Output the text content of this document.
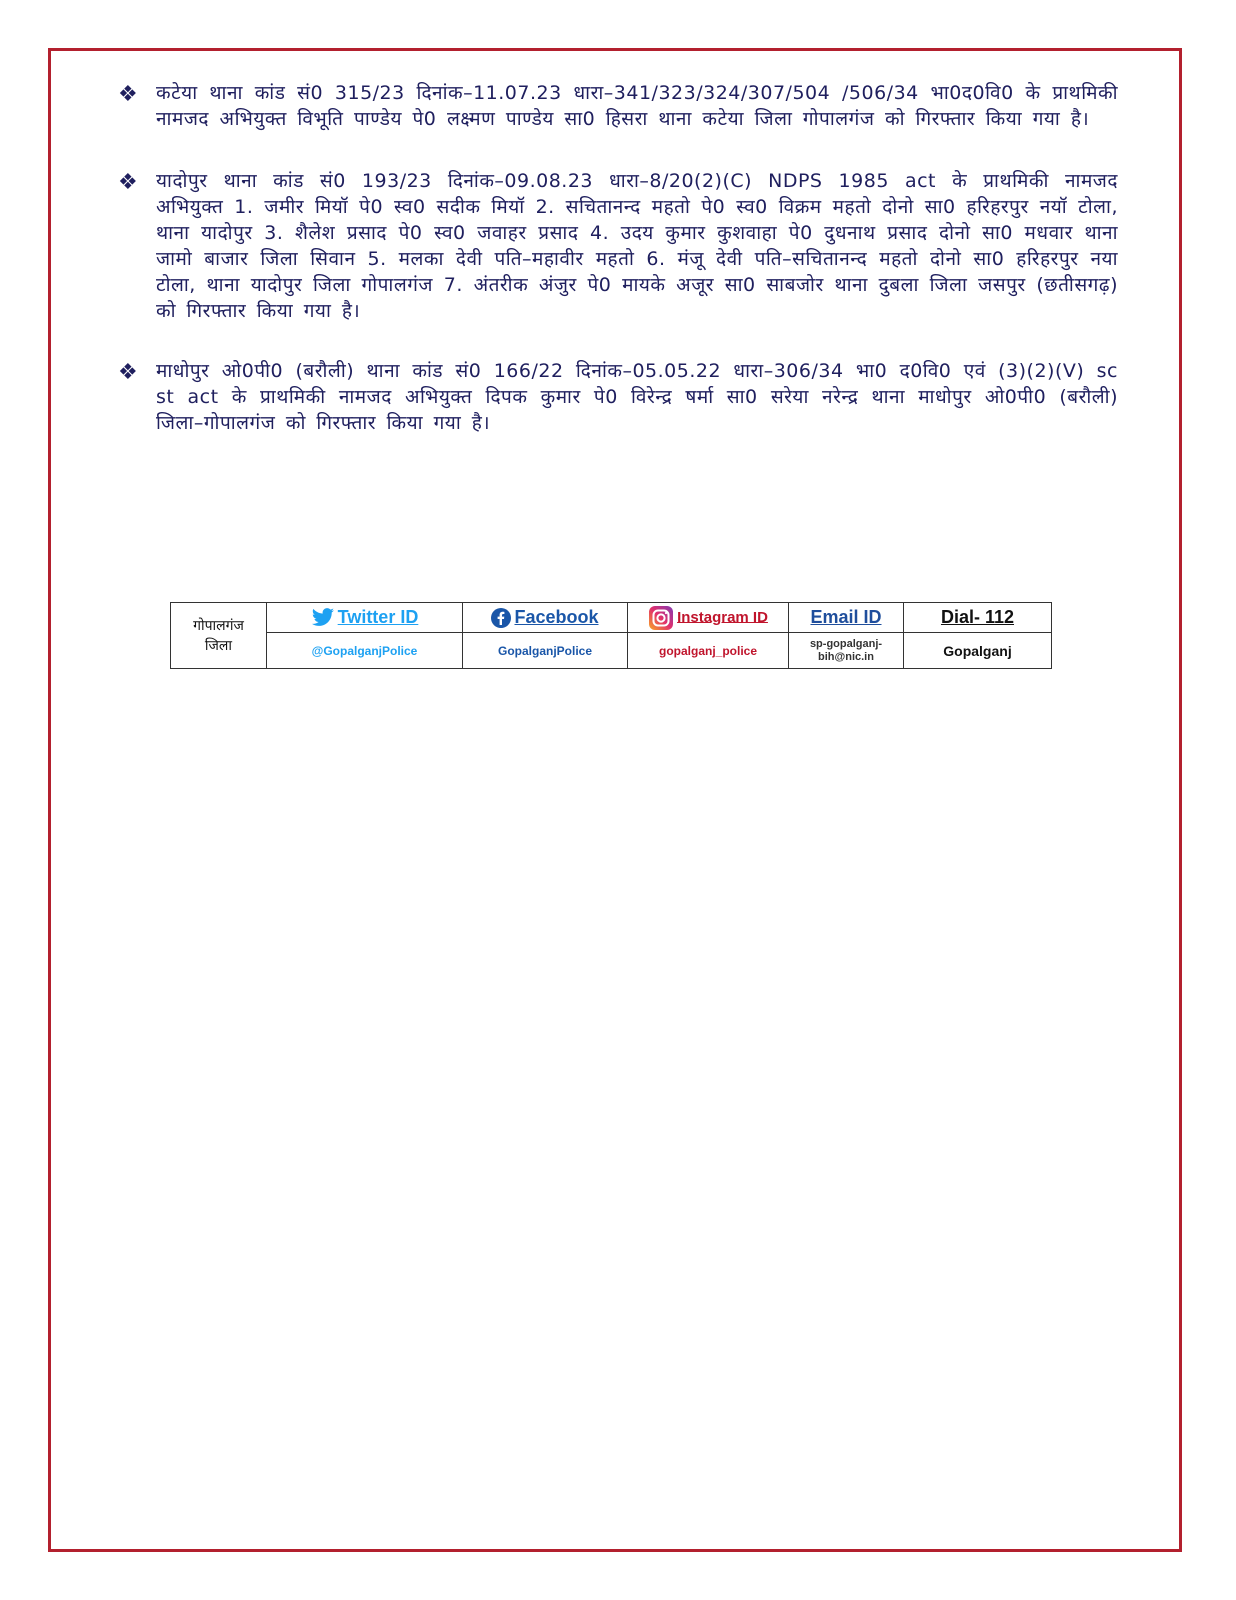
❖ कटेया थाना कांड सं0 315/23 दिनांक–11.07.23 धारा–341/323/324/307/504 /506/34 भा0द0वि0 के प्राथमिकी नामजद अभियुक्त विभूति पाण्डेय पे0 लक्ष्मण पाण्डेय सा0 हिसरा थाना कटेया जिला गोपालगंज को गिरफ्तार किया गया है।
❖ यादोपुर थाना कांड सं0 193/23 दिनांक–09.08.23 धारा–8/20(2)(C) NDPS 1985 act के प्राथमिकी नामजद अभियुक्त 1. जमीर मियॉ पे0 स्व0 सदीक मियॉ 2. सचितानन्द महतो पे0 स्व0 विक्रम महतो दोनो सा0 हरिहरपुर नयॉ टोला, थाना यादोपुर 3. शैलेश प्रसाद पे0 स्व0 जवाहर प्रसाद 4. उदय कुमार कुशवाहा पे0 दुधनाथ प्रसाद दोनो सा0 मधवार थाना जामो बाजार जिला सिवान 5. मलका देवी पति–महावीर महतो 6. मंजू देवी पति–सचितानन्द महतो दोनो सा0 हरिहरपुर नया टोला, थाना यादोपुर जिला गोपालगंज 7. अंतरीक अंजुर पे0 मायके अजूर सा0 साबजोर थाना दुबला जिला जसपुर (छतीसगढ़) को गिरफ्तार किया गया है।
❖ माधोपुर ओ0पी0 (बरौली) थाना कांड सं0 166/22 दिनांक–05.05.22 धारा–306/34 भा0 द0वि0 एवं (3)(2)(V) sc st act के प्राथमिकी नामजद अभियुक्त दिपक कुमार पे0 विरेन्द्र षर्मा सा0 सरेया नरेन्द्र थाना माधोपुर ओ0पी0 (बरौली) जिला–गोपालगंज को गिरफ्तार किया गया है।
गोपालगंज
जिला	Twitter ID	Facebook	Instagram ID	Email ID	Dial- 112
	@GopalganjPolice	GopalganjPolice	gopalganj_police	sp-gopalganj-bih@nic.in	Gopalganj
